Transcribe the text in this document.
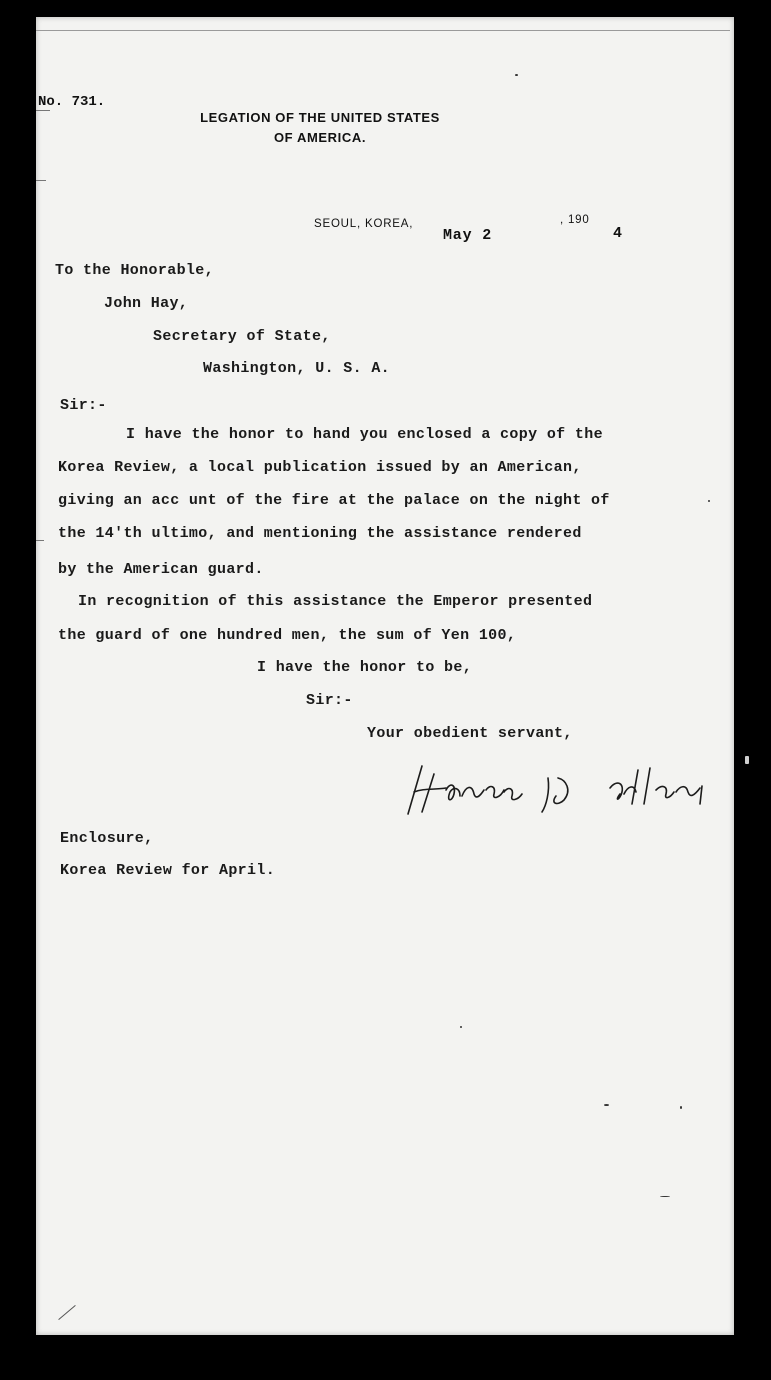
No. 731.
LEGATION OF THE UNITED STATES
OF AMERICA.
SEOUL, KOREA,
May 2
, 190
4
To the Honorable,
John Hay,
Secretary of State,
Washington, U. S. A.
Sir:-
I have the honor to hand you enclosed a copy of the
Korea Review, a local publication issued by an American,
giving an acc unt of the fire at the palace on the night of
the 14'th ultimo, and mentioning the assistance rendered
by the American guard.
In recognition of this assistance the Emperor presented
the guard of one hundred men, the sum of Yen 100,
I have the honor to be,
Sir:-
Your obedient servant,
Enclosure,
Korea Review for April.
